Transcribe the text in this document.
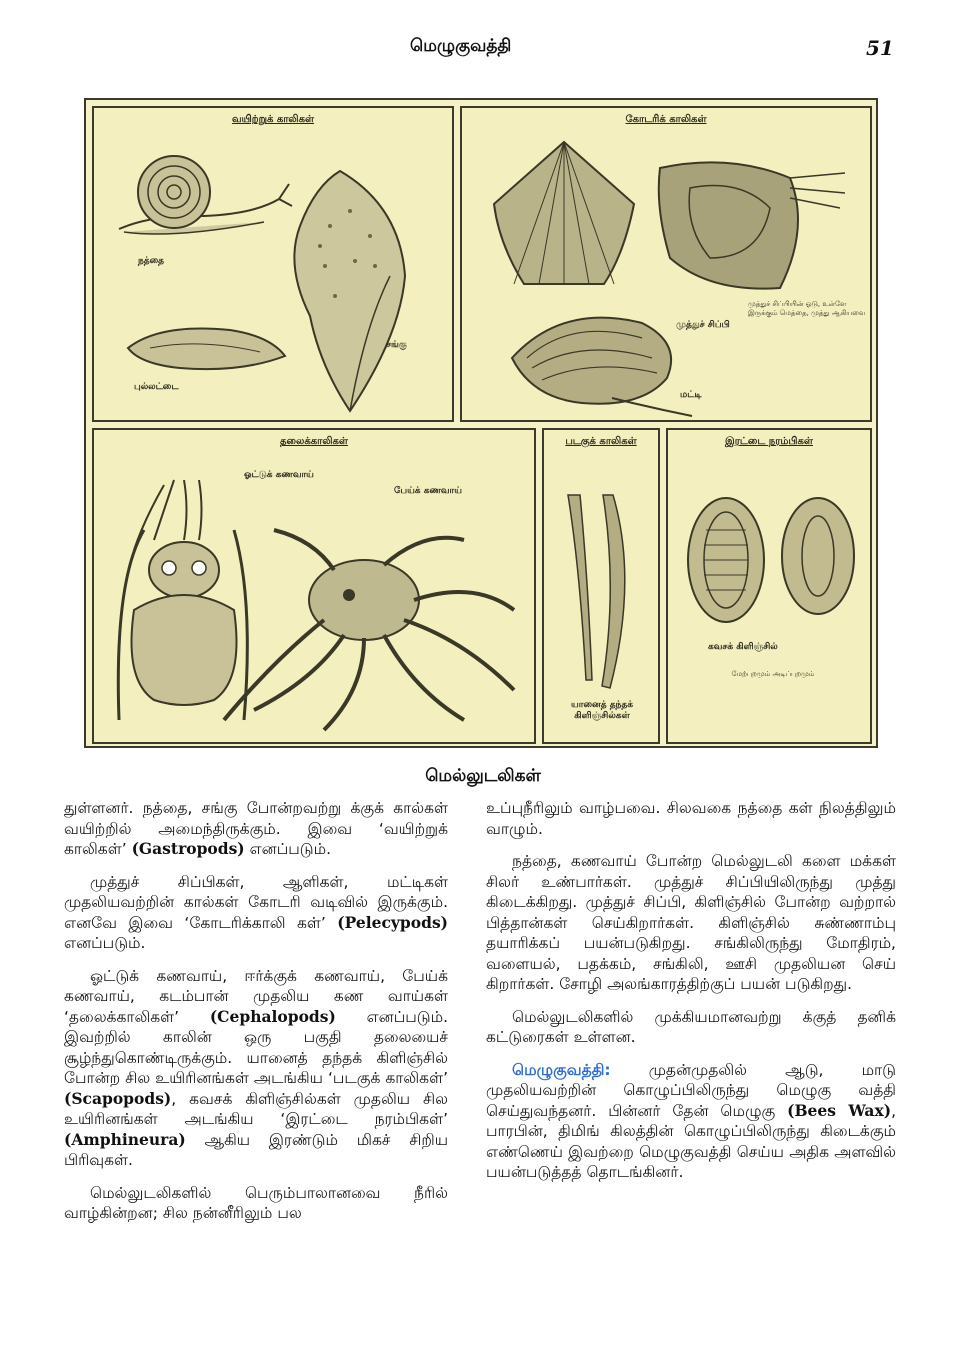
மெழுகுவத்தி	51
வயிற்றுக் காலிகள்
நத்தை
சங்கு
புல்லட்டை
கோடரிக் காலிகள்
முத்துச் சிப்பி
முத்துச் சிப்பியின் ஓடு, உள்ளே இருக்கும் மெத்தை, முத்து ஆகியவை
மட்டி
தலைக்காலிகள்
ஓட்டுக் கணவாய்
பேய்க் கணவாய்
படகுக் காலிகள்
யானைத் தந்தக் கிளிஞ்சில்கள்
இரட்டை நரம்பிகள்
கவசக் கிளிஞ்சில்
மேற்புறமும் அடிப்புறமும்
மெல்லுடலிகள்

துள்ளனர். நத்தை, சங்கு போன்றவற்று க்குக் கால்கள் வயிற்றில் அமைந்திருக்கும். இவை ‘வயிற்றுக் காலிகள்’ (Gastropods) எனப்படும்.

முத்துச் சிப்பிகள், ஆளிகள், மட்டிகள் முதலியவற்றின் கால்கள் கோடரி வடிவில் இருக்கும். எனவே இவை ‘கோடரிக்காலி கள்’ (Pelecypods) எனப்படும்.

ஓட்டுக் கணவாய், ஈர்க்குக் கணவாய், பேய்க் கணவாய், கடம்பான் முதலிய கண வாய்கள் ‘தலைக்காலிகள்’ (Cephalopods) எனப்படும். இவற்றில் காலின் ஒரு பகுதி தலையைச் சூழ்ந்துகொண்டிருக்கும். யானைத் தந்தக் கிளிஞ்சில் போன்ற சில உயிரினங்கள் அடங்கிய ‘படகுக் காலிகள்’ (Scapopods), கவசக் கிளிஞ்சில்கள் முதலிய சில உயிரினங்கள் அடங்கிய ‘இரட்டை நரம்பிகள்’ (Amphineura) ஆகிய இரண்டும் மிகச் சிறிய பிரிவுகள்.

மெல்லுடலிகளில் பெரும்பாலானவை நீரில் வாழ்கின்றன; சில நன்னீரிலும் பல

உப்புநீரிலும் வாழ்பவை. சிலவகை நத்தை கள் நிலத்திலும் வாழும்.

நத்தை, கணவாய் போன்ற மெல்லுடலி களை மக்கள் சிலர் உண்பார்கள். முத்துச் சிப்பியிலிருந்து முத்து கிடைக்கிறது. முத்துச் சிப்பி, கிளிஞ்சில் போன்ற வற்றால் பித்தான்கள் செய்கிறார்கள். கிளிஞ்சில் சுண்ணாம்பு தயாரிக்கப் பயன்படுகிறது. சங்கிலிருந்து மோதிரம், வளையல், பதக்கம், சங்கிலி, ஊசி முதலியன செய் கிறார்கள். சோழி அலங்காரத்திற்குப் பயன் படுகிறது.

மெல்லுடலிகளில் முக்கியமானவற்று க்குத் தனிக் கட்டுரைகள் உள்ளன.

மெழுகுவத்தி: முதன்முதலில் ஆடு, மாடு முதலியவற்றின் கொழுப்பிலிருந்து மெழுகு வத்தி செய்துவந்தனர். பின்னர் தேன் மெழுகு (Bees Wax), பாரபின், திமிங் கிலத்தின் கொழுப்பிலிருந்து கிடைக்கும் எண்ணெய் இவற்றை மெழுகுவத்தி செய்ய அதிக அளவில் பயன்படுத்தத் தொடங்கினர்.
